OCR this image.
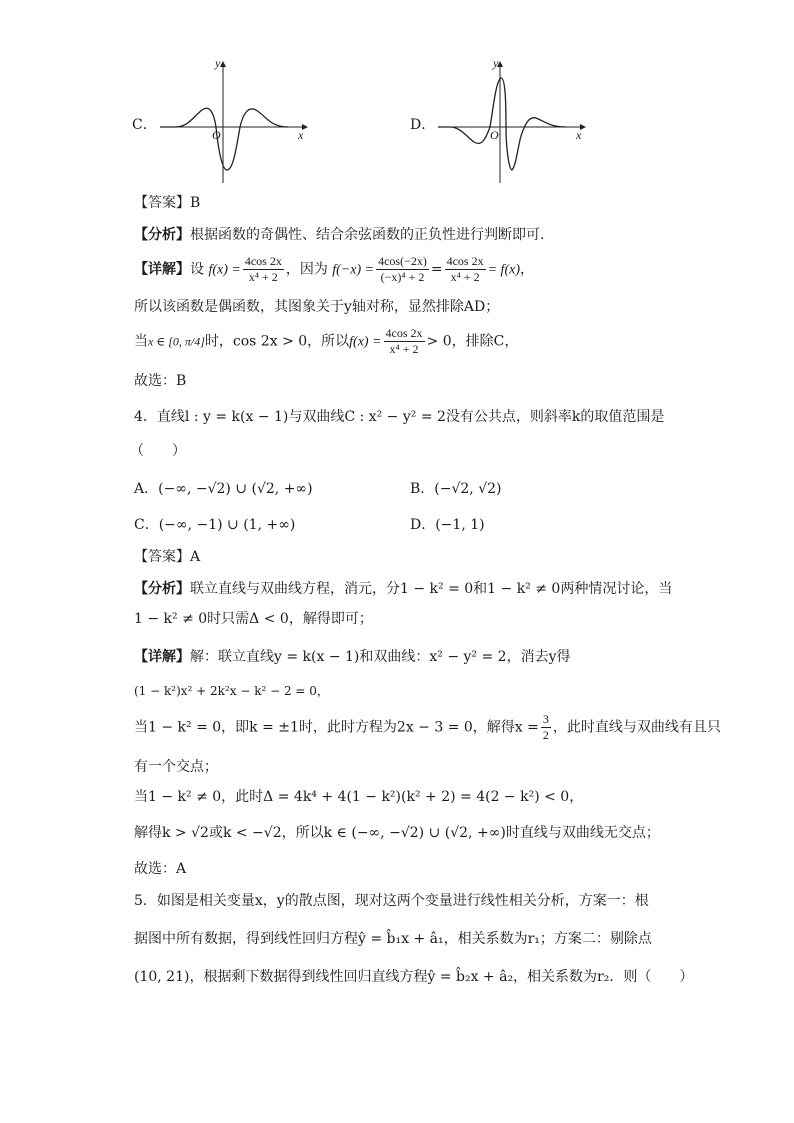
C．
y
x
O
D．
y
x
O
【答案】B
【分析】根据函数的奇偶性、结合余弦函数的正负性进行判断即可.
【详解】设 $f(x) = \frac{4\cos 2x}{\text{x⁴ + 2}}$ ，因为 $f(-x) = \frac{4\cos(-2x)}{\text{(−x)⁴ + 2}} = \frac{4\cos 2x}{\text{x⁴ + 2}} = f(x)$，
所以该函数是偶函数，其图象关于y轴对称，显然排除AD；
当x ∈ [0, π/4]时，cos 2x > 0，所以$f(x) = \frac{4\cos 2x}{\text{x⁴ + 2}} > 0$，排除C，
故选：B
4．直线l : y = k(x − 1)与双曲线C : x² − y² = 2没有公共点，则斜率k的取值范围是
（　　）
A．(−∞, −√2) ∪ (√2, +∞)	B．(−√2, √2)
C．(−∞, −1) ∪ (1, +∞)	D．(−1, 1)
【答案】A
【分析】联立直线与双曲线方程，消元，分1 − k² = 0和1 − k² ≠ 0两种情况讨论，当
1 − k² ≠ 0时只需Δ < 0，解得即可；
【详解】解：联立直线y = k(x − 1)和双曲线：x² − y² = 2，消去y得
(1 − k²)x² + 2k²x − k² − 2 = 0，
当1 − k² = 0，即k = ±1时，此时方程为2x − 3 = 0，解得$x = \frac{3}{2}$ ，此时直线与双曲线有且只
有一个交点；
当1 − k² ≠ 0，此时Δ = 4k⁴ + 4(1 − k²)(k² + 2) = 4(2 − k²) < 0，
解得k > √2或k < −√2，所以k ∈ (−∞, −√2) ∪ (√2, +∞)时直线与双曲线无交点；
故选：A
5．如图是相关变量x，y的散点图，现对这两个变量进行线性相关分析，方案一：根
据图中所有数据，得到线性回归方程ŷ = b̂₁x + â₁，相关系数为r₁；方案二：剔除点
(10, 21)，根据剩下数据得到线性回归直线方程ŷ = b̂₂x + â₂，相关系数为r₂．则（　　）
